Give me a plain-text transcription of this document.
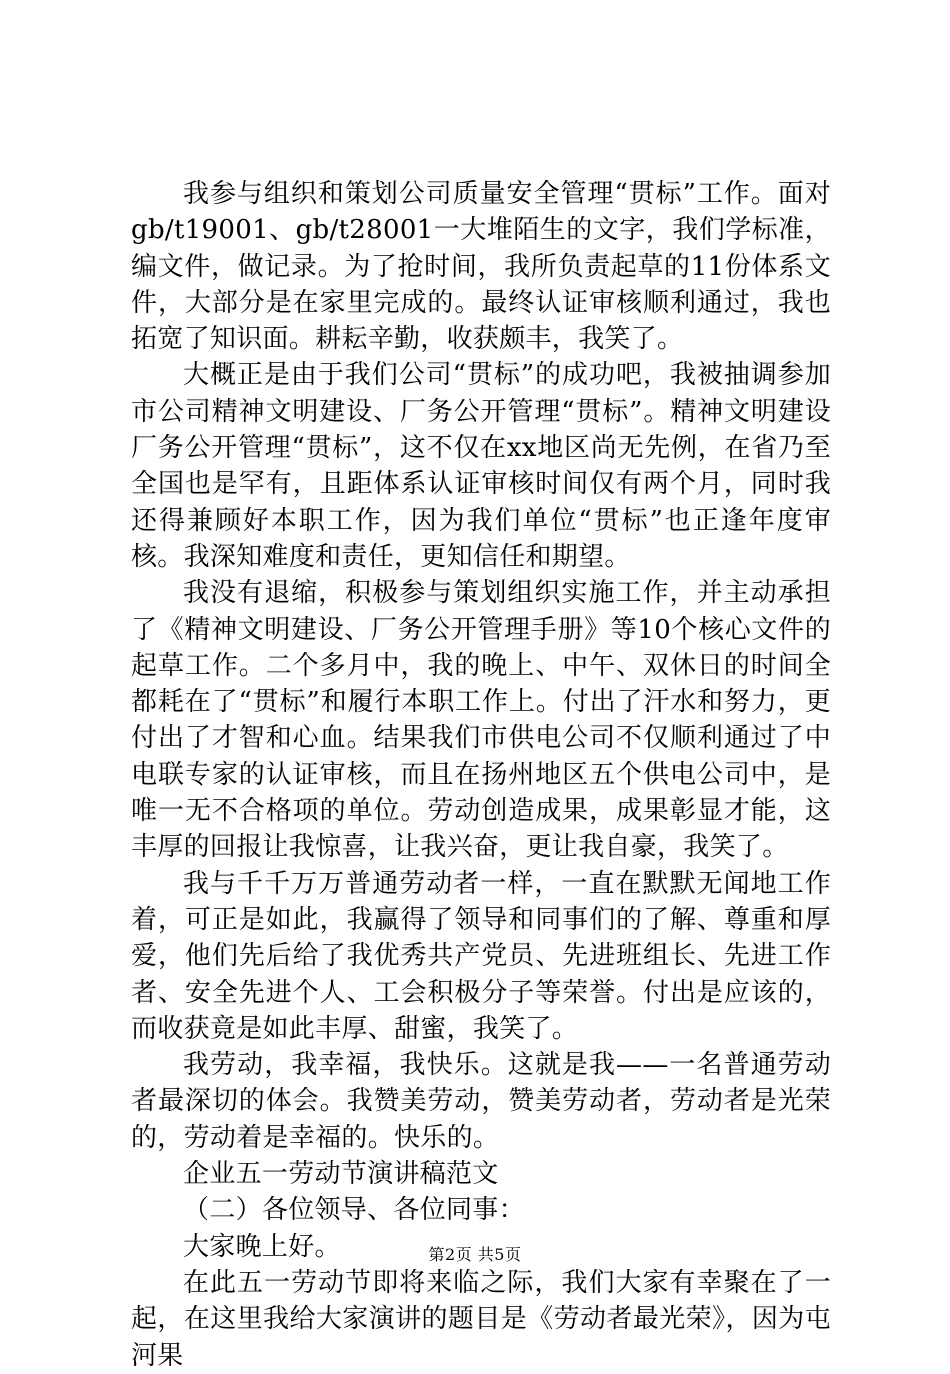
我参与组织和策划公司质量安全管理“贯标”工作。面对gb/t19001、gb/t28001一大堆陌生的文字，我们学标准，编文件，做记录。为了抢时间，我所负责起草的11份体系文件，大部分是在家里完成的。最终认证审核顺利通过，我也拓宽了知识面。耕耘辛勤，收获颇丰，我笑了。

大概正是由于我们公司“贯标”的成功吧，我被抽调参加市公司精神文明建设、厂务公开管理“贯标”。精神文明建设厂务公开管理“贯标”，这不仅在xx地区尚无先例，在省乃至全国也是罕有，且距体系认证审核时间仅有两个月，同时我还得兼顾好本职工作，因为我们单位“贯标”也正逢年度审核。我深知难度和责任，更知信任和期望。

我没有退缩，积极参与策划组织实施工作，并主动承担了《精神文明建设、厂务公开管理手册》等10个核心文件的起草工作。二个多月中，我的晚上、中午、双休日的时间全都耗在了“贯标”和履行本职工作上。付出了汗水和努力，更付出了才智和心血。结果我们市供电公司不仅顺利通过了中电联专家的认证审核，而且在扬州地区五个供电公司中，是唯一无不合格项的单位。劳动创造成果，成果彰显才能，这丰厚的回报让我惊喜，让我兴奋，更让我自豪，我笑了。

我与千千万万普通劳动者一样，一直在默默无闻地工作着，可正是如此，我赢得了领导和同事们的了解、尊重和厚爱，他们先后给了我优秀共产党员、先进班组长、先进工作者、安全先进个人、工会积极分子等荣誉。付出是应该的，而收获竟是如此丰厚、甜蜜，我笑了。

我劳动，我幸福，我快乐。这就是我——一名普通劳动者最深切的体会。我赞美劳动，赞美劳动者，劳动者是光荣的，劳动着是幸福的。快乐的。

企业五一劳动节演讲稿范文

（二）各位领导、各位同事：

大家晚上好。

在此五一劳动节即将来临之际，我们大家有幸聚在了一起，在这里我给大家演讲的题目是《劳动者最光荣》，因为屯河果

第2页 共5页
